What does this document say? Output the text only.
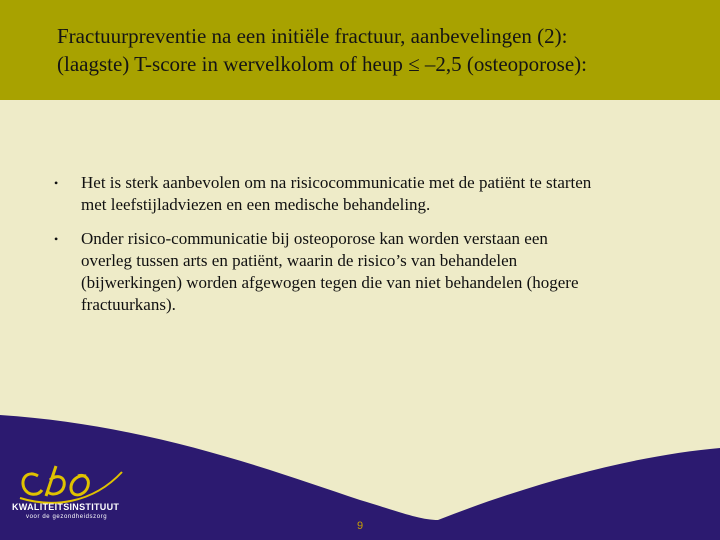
Fractuurpreventie na een initiële fractuur, aanbevelingen (2):
(laagste) T-score in wervelkolom of heup ≤ –2,5 (osteoporose):
• Het is sterk aanbevolen om na risicocommunicatie met de patiënt te starten
met leefstijladviezen en een medische behandeling.
• Onder risico-communicatie bij osteoporose kan worden verstaan een
overleg tussen arts en patiënt, waarin de risico’s van behandelen
(bijwerkingen) worden afgewogen tegen die van niet behandelen (hogere
fractuurkans).
KWALITEITSINSTITUUT
voor de gezondheidszorg
9
